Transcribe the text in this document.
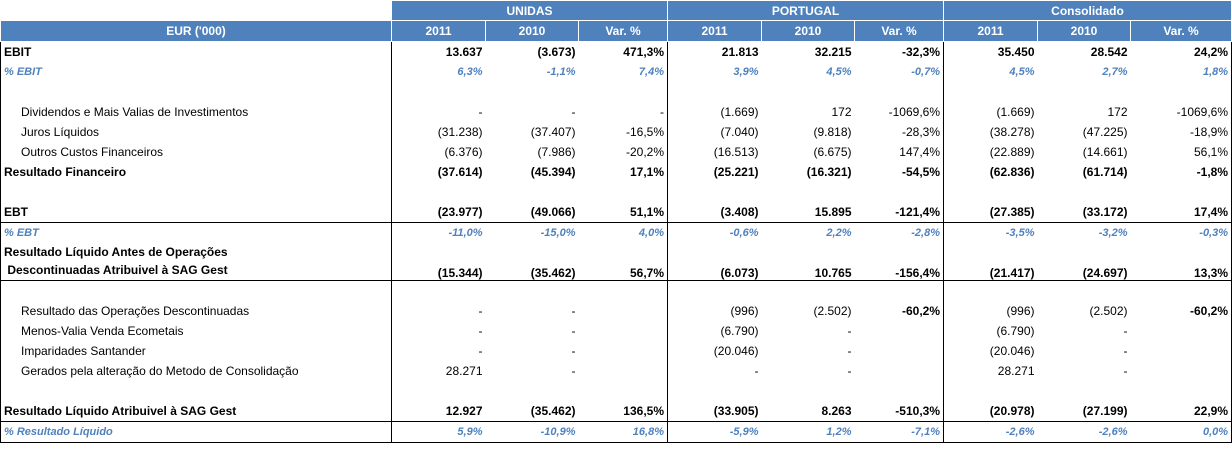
	UNIDAS			PORTUGAL			Consolidado		
EUR ('000)	2011	2010	Var. %	2011	2010	Var. %	2011	2010	Var. %
EBIT	13.637	(3.673)	471,3%	21.813	32.215	-32,3%	35.450	28.542	24,2%
% EBIT	6,3%	-1,1%	7,4%	3,9%	4,5%	-0,7%	4,5%	2,7%	1,8%

Dividendos e Mais Valias de Investimentos	-	-	-	(1.669)	172	-1069,6%	(1.669)	172	-1069,6%
Juros Líquidos	(31.238)	(37.407)	-16,5%	(7.040)	(9.818)	-28,3%	(38.278)	(47.225)	-18,9%
Outros Custos Financeiros	(6.376)	(7.986)	-20,2%	(16.513)	(6.675)	147,4%	(22.889)	(14.661)	56,1%
Resultado Financeiro	(37.614)	(45.394)	17,1%	(25.221)	(16.321)	-54,5%	(62.836)	(61.714)	-1,8%

EBT	(23.977)	(49.066)	51,1%	(3.408)	15.895	-121,4%	(27.385)	(33.172)	17,4%
% EBT	-11,0%	-15,0%	4,0%	-0,6%	2,2%	-2,8%	-3,5%	-3,2%	-0,3%

Resultado Líquido Antes de Operações
Descontinuadas Atribuivel à SAG Gest	(15.344)	(35.462)	56,7%	(6.073)	10.765	-156,4%	(21.417)	(24.697)	13,3%

Resultado das Operações Descontinuadas	-	-		(996)	(2.502)	-60,2%	(996)	(2.502)	-60,2%
Menos-Valia Venda Ecometais	-	-		(6.790)	-		(6.790)	-	
Imparidades Santander	-	-		(20.046)	-		(20.046)	-	
Gerados pela alteração do Metodo de Consolidação	28.271	-		-	-		28.271	-	

Resultado Líquido Atribuivel à SAG Gest	12.927	(35.462)	136,5%	(33.905)	8.263	-510,3%	(20.978)	(27.199)	22,9%
% Resultado Líquido	5,9%	-10,9%	16,8%	-5,9%	1,2%	-7,1%	-2,6%	-2,6%	0,0%
